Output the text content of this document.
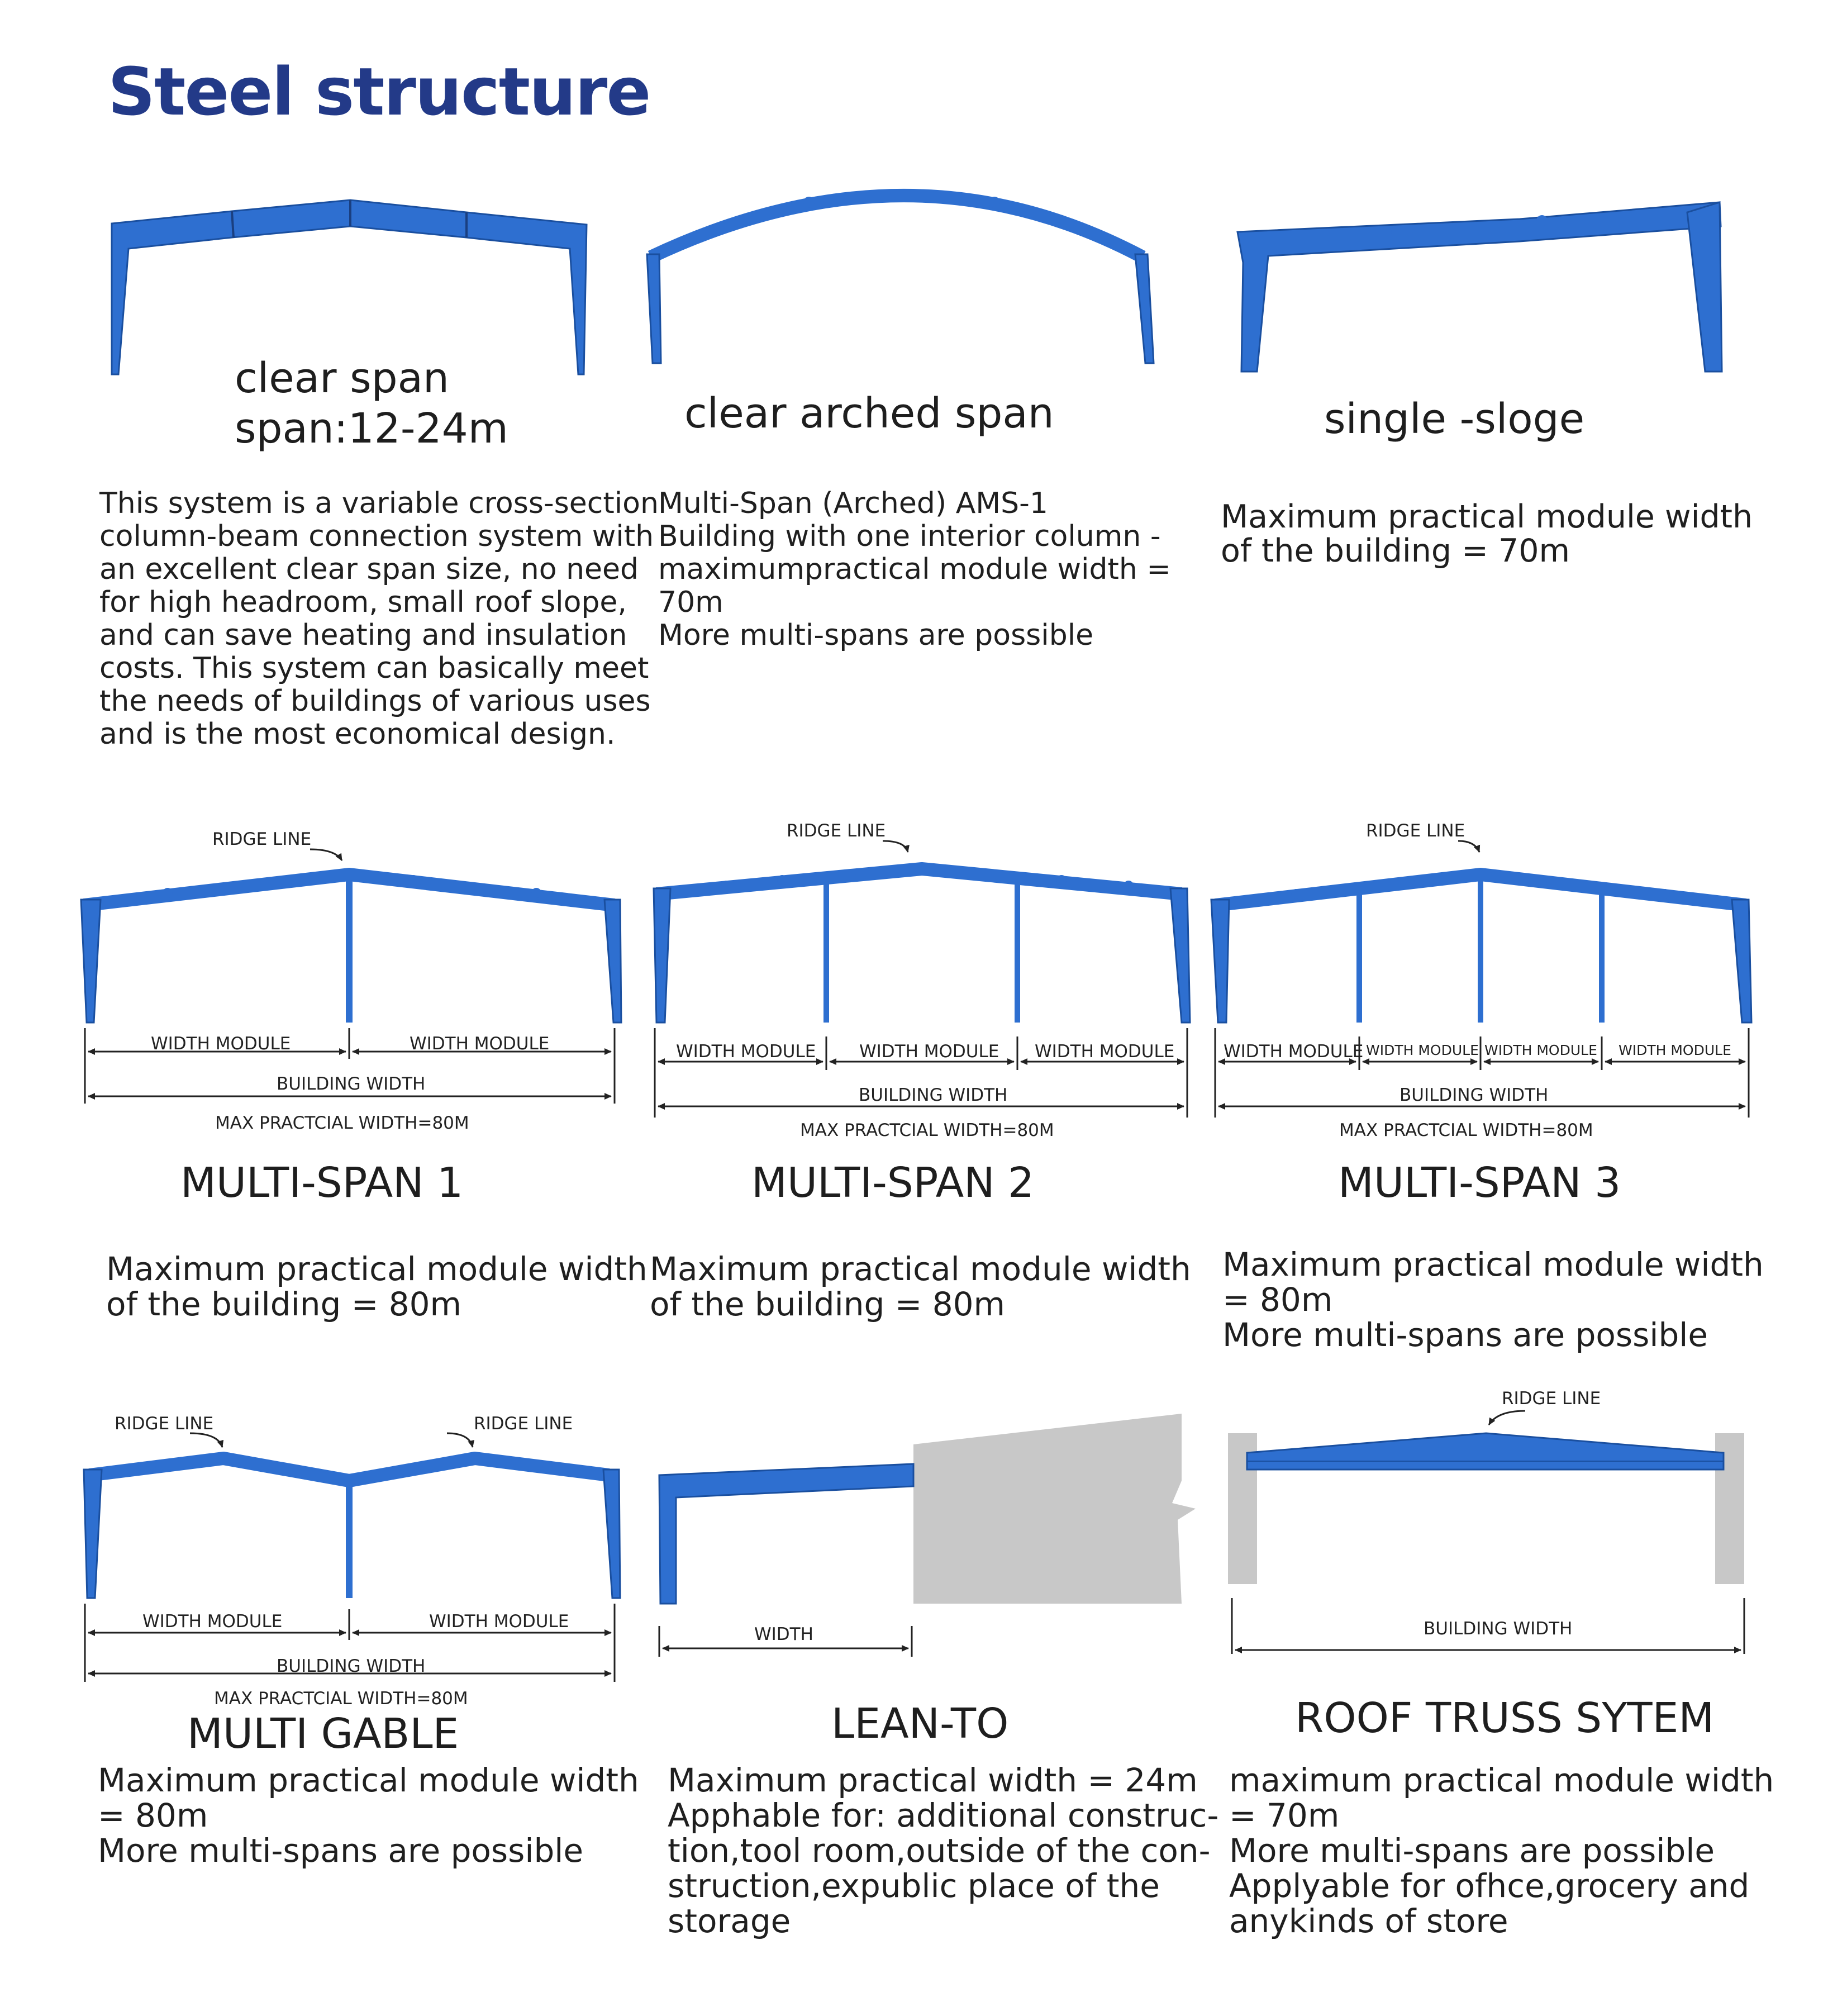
Steel structure
RIDGE LINE
WIDTH MODULE	WIDTH MODULE
BUILDING WIDTH
MAX PRACTCIAL WIDTH=80M
RIDGE LINE
WIDTH MODULE	WIDTH MODULE WIDTH MODULE
BUILDING WIDTH
MAX PRACTCIAL WIDTH=80M
RIDGE LINE
WIDTH MODULE WIDTH MODULE WIDTH MODULE WIDTH MODULE
BUILDING WIDTH
MAX PRACTCIAL WIDTH=80M
RIDGE LINE	RIDGE LINE
WIDTH MODULE	WIDTH MODULE
BUILDING WIDTH
MAX PRACTCIAL WIDTH=80M
WIDTH
RIDGE LINE
BUILDING WIDTH
clear span
span:12-24m
This system is a variable cross-section
column-beam connection system with
an excellent clear span size, no need
for high headroom, small roof slope,
and can save heating and insulation
costs. This system can basically meet
the needs of buildings of various uses
and is the most economical design.
clear arched span
Multi-Span (Arched) AMS-1
Building with one interior column -
maximumpractical module width =
70m
More multi-spans are possible
single -sloge
Maximum practical module width
of the building = 70m
MULTI-SPAN 1
Maximum practical module width
of the building = 80m
MULTI-SPAN 2
Maximum practical module width
of the building = 80m
MULTI-SPAN 3
Maximum practical module width
= 80m
More multi-spans are possible
MULTI GABLE
Maximum practical module width
= 80m
More multi-spans are possible
LEAN-TO
Maximum practical width = 24m
Apphable for: additional construc-
tion,tool room,outside of the con-
struction,expublic place of the
storage
ROOF TRUSS SYTEM
maximum practical module width
= 70m
More multi-spans are possible
Applyable for ofhce,grocery and
anykinds of store
